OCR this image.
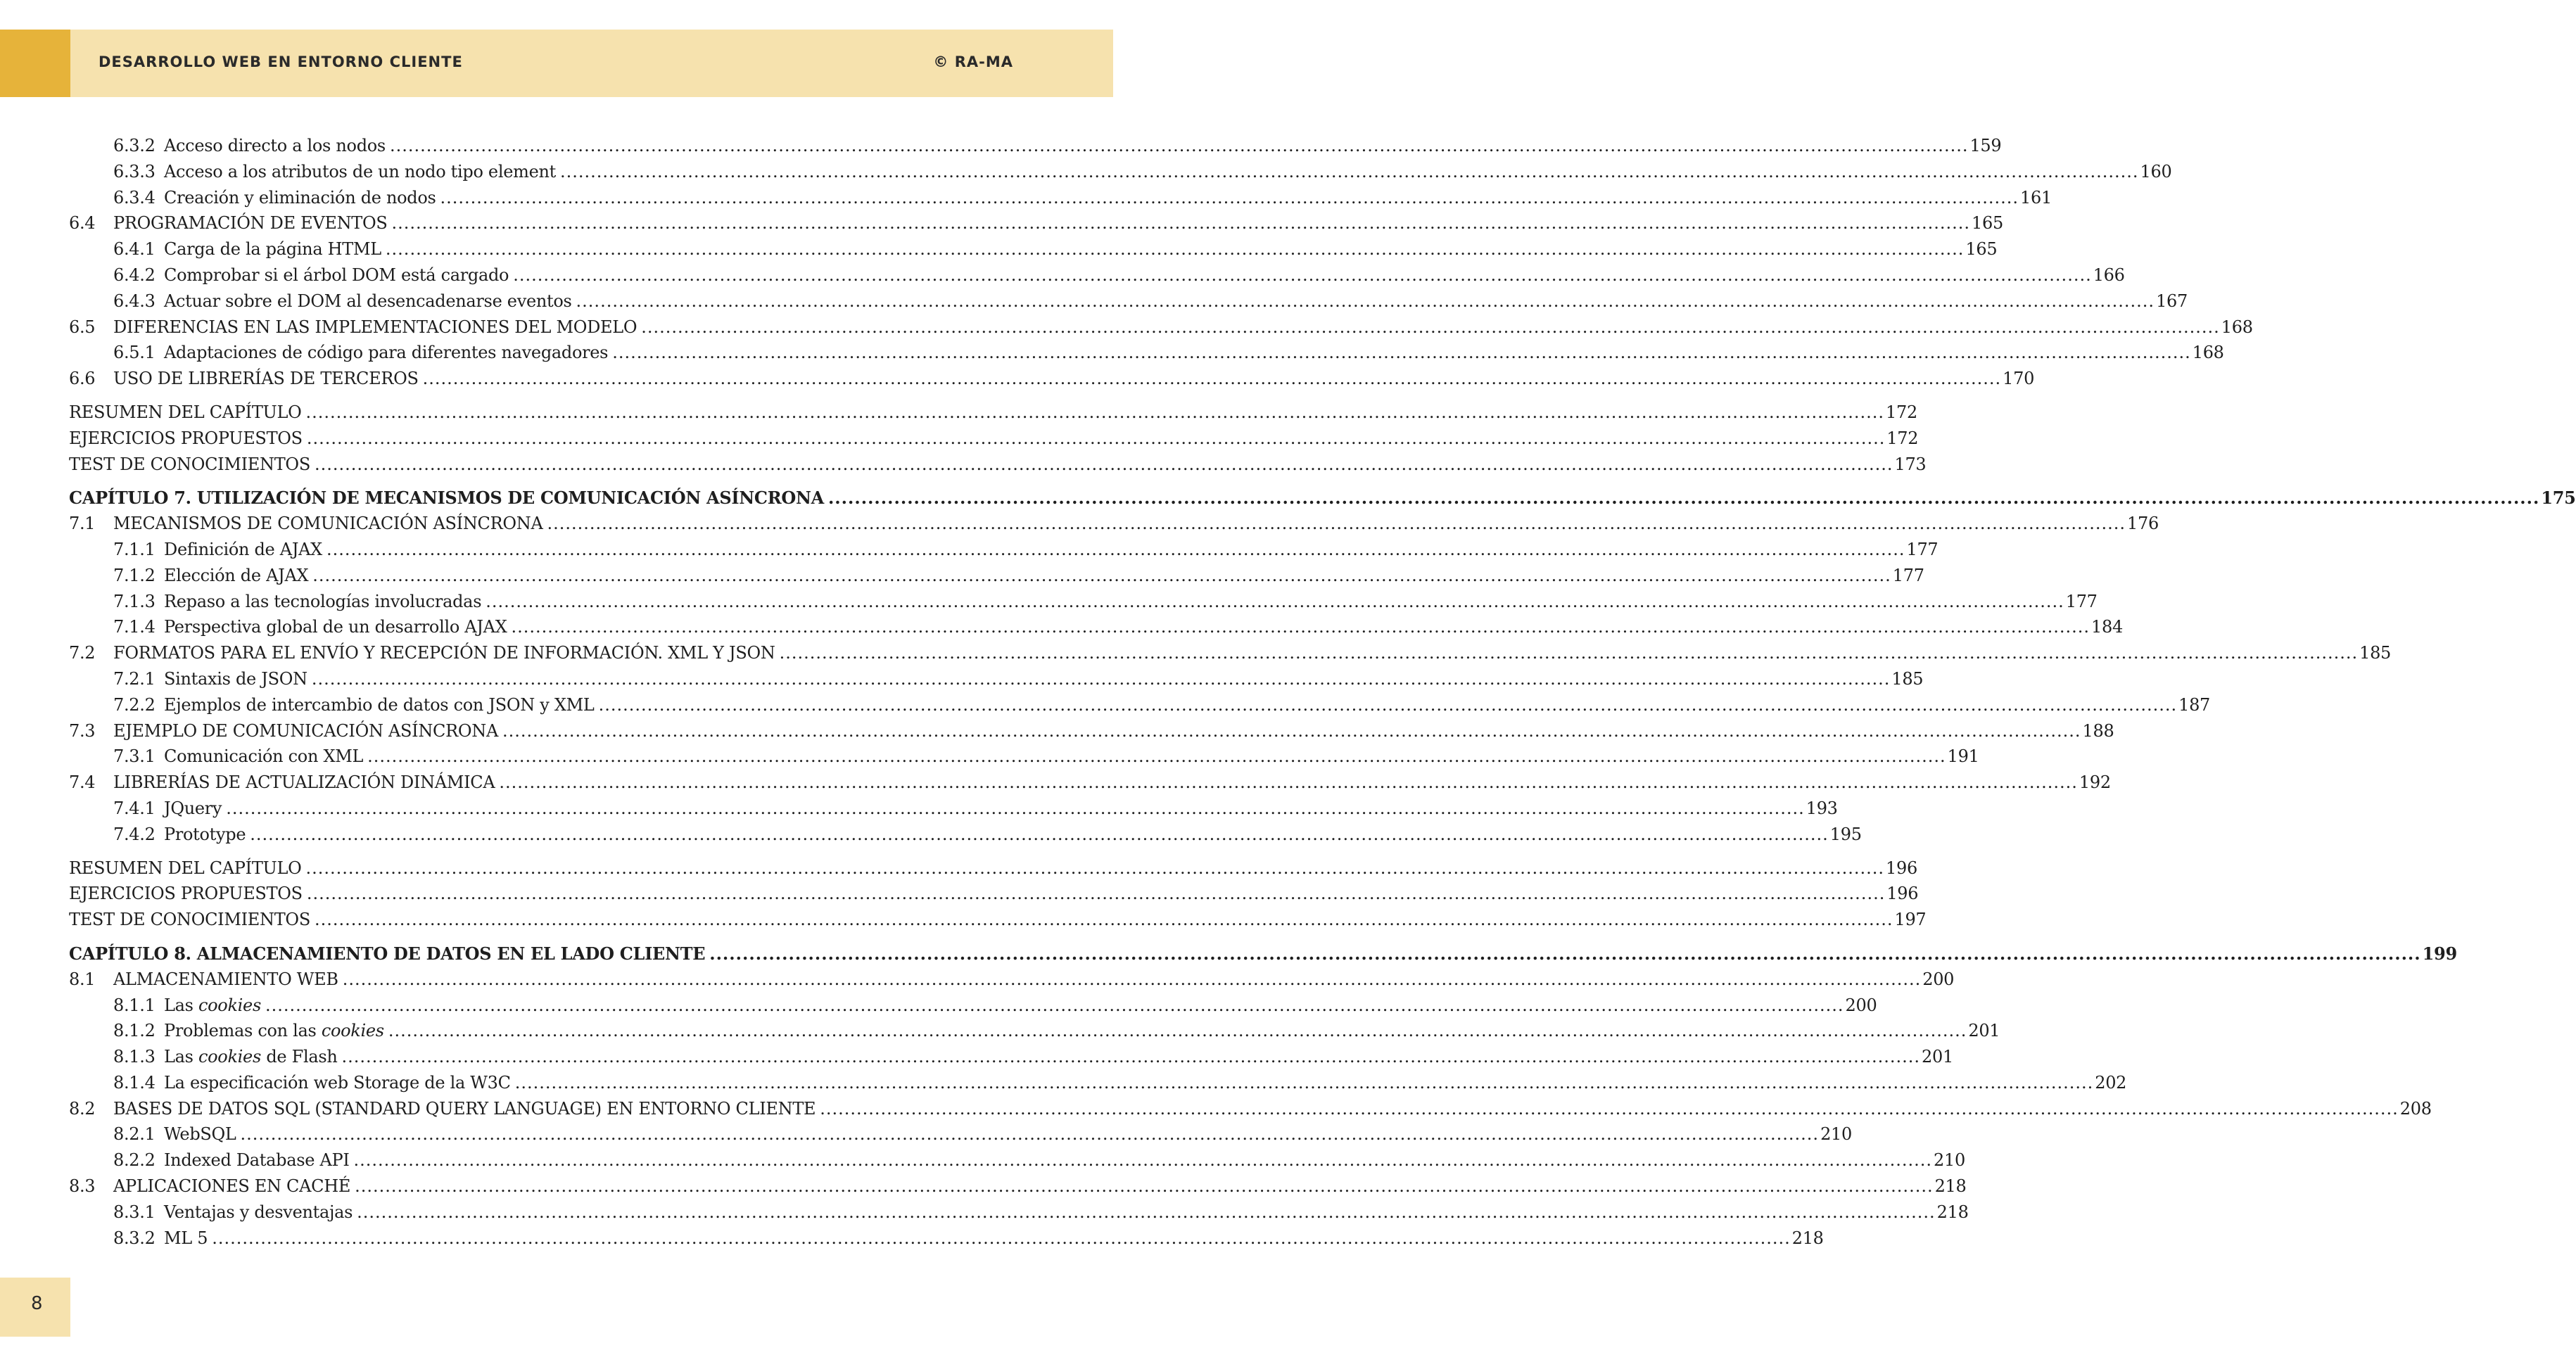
DESARROLLO WEB EN ENTORNO CLIENTE	© RA-MA
6.3.2 Acceso directo a los nodos .................................................................................................................................................................................................................................................................... 159
6.3.3 Acceso a los atributos de un nodo tipo element .................................................................................................................................................................................................................................................................... 160
6.3.4 Creación y eliminación de nodos .................................................................................................................................................................................................................................................................... 161
6.4	PROGRAMACIÓN DE EVENTOS .................................................................................................................................................................................................................................................................... 165
6.4.1 Carga de la página HTML .................................................................................................................................................................................................................................................................... 165
6.4.2 Comprobar si el árbol DOM está cargado .................................................................................................................................................................................................................................................................... 166
6.4.3 Actuar sobre el DOM al desencadenarse eventos .................................................................................................................................................................................................................................................................... 167
6.5	DIFERENCIAS EN LAS IMPLEMENTACIONES DEL MODELO .................................................................................................................................................................................................................................................................... 168
6.5.1 Adaptaciones de código para diferentes navegadores .................................................................................................................................................................................................................................................................... 168
6.6	USO DE LIBRERÍAS DE TERCEROS .................................................................................................................................................................................................................................................................... 170
RESUMEN DEL CAPÍTULO .................................................................................................................................................................................................................................................................... 172
EJERCICIOS PROPUESTOS .................................................................................................................................................................................................................................................................... 172
TEST DE CONOCIMIENTOS .................................................................................................................................................................................................................................................................... 173
CAPÍTULO 7. UTILIZACIÓN DE MECANISMOS DE COMUNICACIÓN ASÍNCRONA .................................................................................................................................................................................................................................................................... 175
7.1	MECANISMOS DE COMUNICACIÓN ASÍNCRONA .................................................................................................................................................................................................................................................................... 176
7.1.1 Definición de AJAX .................................................................................................................................................................................................................................................................... 177
7.1.2 Elección de AJAX .................................................................................................................................................................................................................................................................... 177
7.1.3 Repaso a las tecnologías involucradas .................................................................................................................................................................................................................................................................... 177
7.1.4 Perspectiva global de un desarrollo AJAX .................................................................................................................................................................................................................................................................... 184
7.2	FORMATOS PARA EL ENVÍO Y RECEPCIÓN DE INFORMACIÓN. XML Y JSON .................................................................................................................................................................................................................................................................... 185
7.2.1 Sintaxis de JSON .................................................................................................................................................................................................................................................................... 185
7.2.2 Ejemplos de intercambio de datos con JSON y XML .................................................................................................................................................................................................................................................................... 187
7.3	EJEMPLO DE COMUNICACIÓN ASÍNCRONA .................................................................................................................................................................................................................................................................... 188
7.3.1 Comunicación con XML .................................................................................................................................................................................................................................................................... 191
7.4	LIBRERÍAS DE ACTUALIZACIÓN DINÁMICA .................................................................................................................................................................................................................................................................... 192
7.4.1 JQuery .................................................................................................................................................................................................................................................................... 193
7.4.2 Prototype .................................................................................................................................................................................................................................................................... 195
RESUMEN DEL CAPÍTULO .................................................................................................................................................................................................................................................................... 196
EJERCICIOS PROPUESTOS .................................................................................................................................................................................................................................................................... 196
TEST DE CONOCIMIENTOS .................................................................................................................................................................................................................................................................... 197
CAPÍTULO 8. ALMACENAMIENTO DE DATOS EN EL LADO CLIENTE .................................................................................................................................................................................................................................................................... 199
8.1	ALMACENAMIENTO WEB .................................................................................................................................................................................................................................................................... 200
8.1.1 Las cookies .................................................................................................................................................................................................................................................................... 200
8.1.2 Problemas con las cookies .................................................................................................................................................................................................................................................................... 201
8.1.3 Las cookies de Flash .................................................................................................................................................................................................................................................................... 201
8.1.4 La especificación web Storage de la W3C .................................................................................................................................................................................................................................................................... 202
8.2	BASES DE DATOS SQL (STANDARD QUERY LANGUAGE) EN ENTORNO CLIENTE .................................................................................................................................................................................................................................................................... 208
8.2.1 WebSQL .................................................................................................................................................................................................................................................................... 210
8.2.2 Indexed Database API .................................................................................................................................................................................................................................................................... 210
8.3	APLICACIONES EN CACHÉ .................................................................................................................................................................................................................................................................... 218
8.3.1 Ventajas y desventajas .................................................................................................................................................................................................................................................................... 218
8.3.2 ML 5 .................................................................................................................................................................................................................................................................... 218
8
